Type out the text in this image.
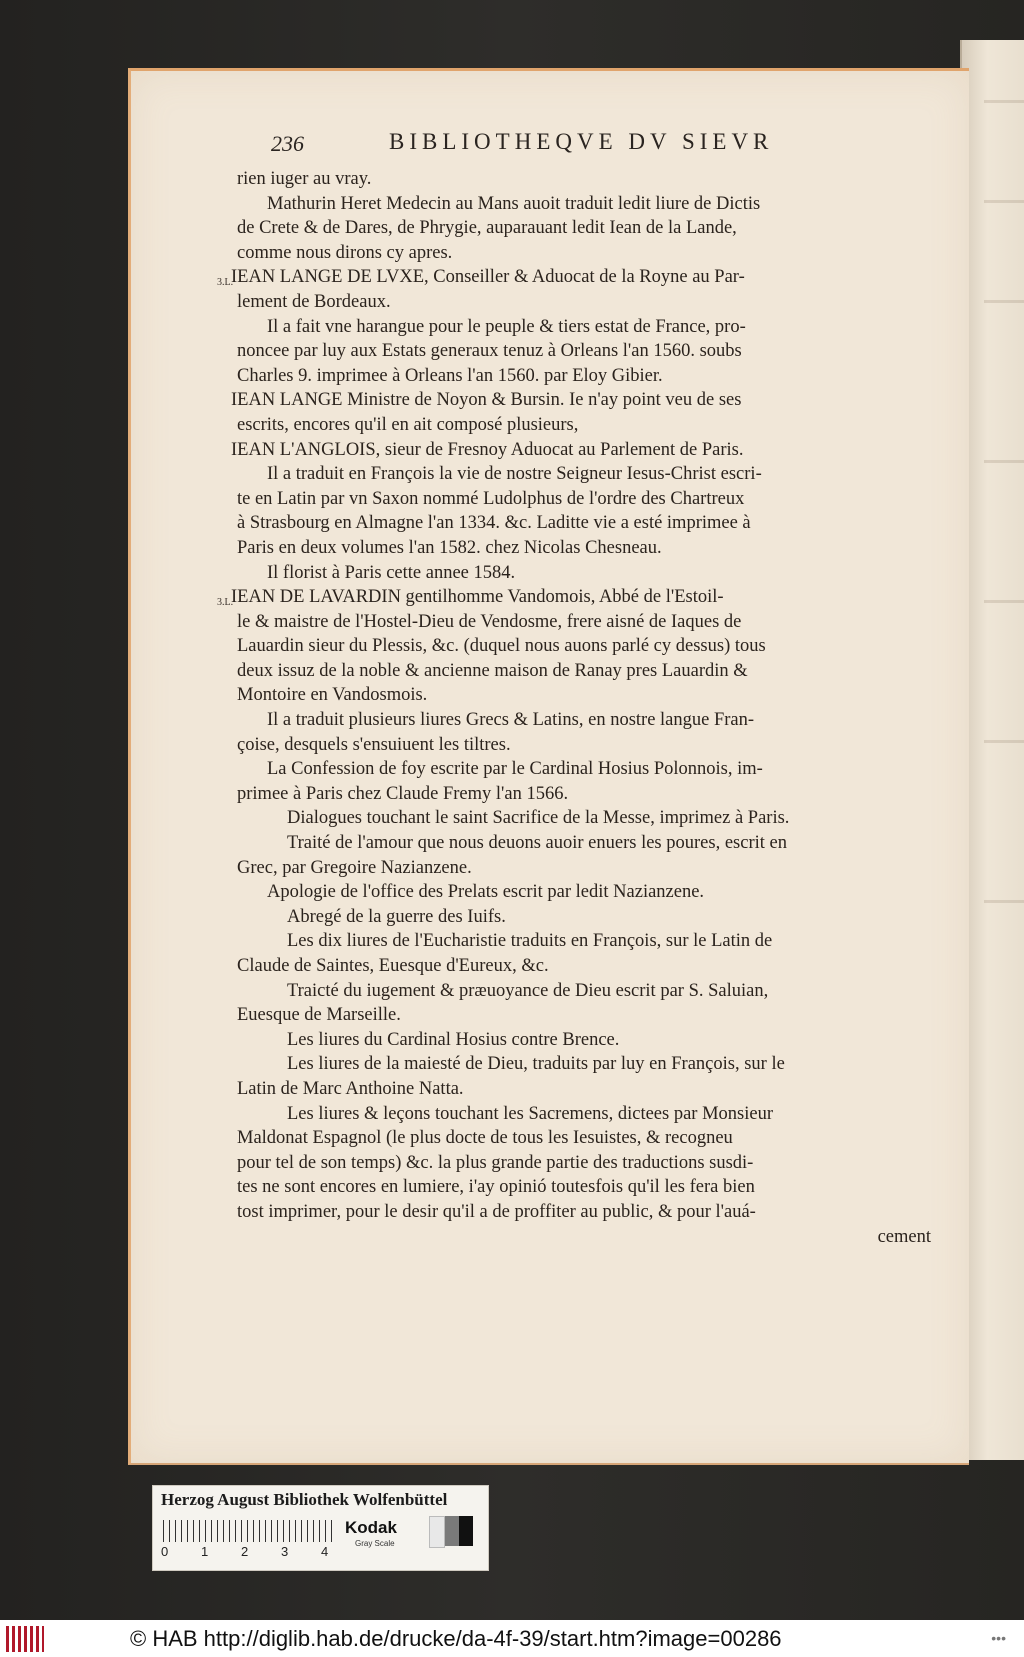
236	BIBLIOTHEQVE DV SIEVR
rien iuger au vray.
Mathurin Heret Medecin au Mans auoit traduit ledit liure de Dictis
de Crete & de Dares, de Phrygie, auparauant ledit Iean de la Lande,
comme nous dirons cy apres.
3.L.
IEAN LANGE DE LVXE, Conseiller & Aduocat de la Royne au Par-
lement de Bordeaux.
Il a fait vne harangue pour le peuple & tiers estat de France, pro-
noncee par luy aux Estats generaux tenuz à Orleans l'an 1560. soubs
Charles 9. imprimee à Orleans l'an 1560. par Eloy Gibier.
IEAN LANGE Ministre de Noyon & Bursin. Ie n'ay point veu de ses
escrits, encores qu'il en ait composé plusieurs,
IEAN L'ANGLOIS, sieur de Fresnoy Aduocat au Parlement de Paris.
Il a traduit en François la vie de nostre Seigneur Iesus-Christ escri-
te en Latin par vn Saxon nommé Ludolphus de l'ordre des Chartreux
à Strasbourg en Almagne l'an 1334. &c. Laditte vie a esté imprimee à
Paris en deux volumes l'an 1582. chez Nicolas Chesneau.
Il florist à Paris cette annee 1584.
3.L.
IEAN DE LAVARDIN gentilhomme Vandomois, Abbé de l'Estoil-
le & maistre de l'Hostel-Dieu de Vendosme, frere aisné de Iaques de
Lauardin sieur du Plessis, &c. (duquel nous auons parlé cy dessus) tous
deux issuz de la noble & ancienne maison de Ranay pres Lauardin &
Montoire en Vandosmois.
Il a traduit plusieurs liures Grecs & Latins, en nostre langue Fran-
çoise, desquels s'ensuiuent les tiltres.
La Confession de foy escrite par le Cardinal Hosius Polonnois, im-
primee à Paris chez Claude Fremy l'an 1566.
Dialogues touchant le saint Sacrifice de la Messe, imprimez à Paris.
Traité de l'amour que nous deuons auoir enuers les poures, escrit en
Grec, par Gregoire Nazianzene.
Apologie de l'office des Prelats escrit par ledit Nazianzene.
Abregé de la guerre des Iuifs.
Les dix liures de l'Eucharistie traduits en François, sur le Latin de
Claude de Saintes, Euesque d'Eureux, &c.
Traicté du iugement & præuoyance de Dieu escrit par S. Saluian,
Euesque de Marseille.
Les liures du Cardinal Hosius contre Brence.
Les liures de la maiesté de Dieu, traduits par luy en François, sur le
Latin de Marc Anthoine Natta.
Les liures & leçons touchant les Sacremens, dictees par Monsieur
Maldonat Espagnol (le plus docte de tous les Iesuistes, & recogneu
pour tel de son temps) &c. la plus grande partie des traductions susdi-
tes ne sont encores en lumiere, i'ay opinió toutesfois qu'il les fera bien
tost imprimer, pour le desir qu'il a de proffiter au public, & pour l'auá-
cement
Herzog August Bibliothek Wolfenbüttel
0	1	2	3	4
Kodak
Gray Scale
© HAB http://diglib.hab.de/drucke/da-4f-39/start.htm?image=00286	•••
